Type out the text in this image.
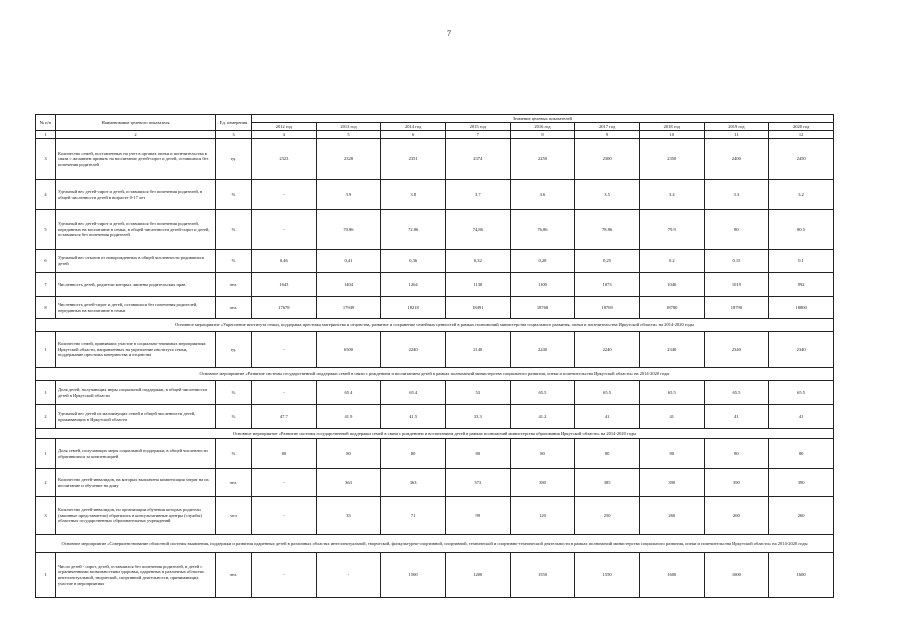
7
№ п/п	Наименование целевого показателя	Ед. измерения	Значение целевых показателей								
			2012 год	2013 год	2014 год	2015 год	2016 год	2017 год	2018 год	2019 год	2020 год
1	2	3	4	5	6	7	8	9	10	11	12
3	Количество семей, поставленных на учет в органах опеки и попечительства в связи с желанием принять на воспитание детей-сирот и детей, оставшихся без попечения родителей	ед.	2323	2328	2351	2374	2250	2300	2350	2400	2450
4	Удельный вес детей-сирот и детей, оставшихся без попечения родителей, в общей численности детей в возрасте 0-17 лет	%	-	3.9	3.8	3.7	3.6	3.5	3.4	3.3	3.2
5	Удельный вес детей-сирот и детей, оставшихся без попечения родителей, переданных на воспитание в семьи, в общей численности детей-сирот и детей, оставшихся без попечения родителей	%	-	70.86	72.86	74,86	76,86	78.86	79.9	80	80.5
6	Удельный вес отказов от новорожденных в общей численности родившихся детей	%	0,46	0,41	0,36	0,32	0,28	0,25	0.2	0.15	0.1
7	Численность детей, родители которых лишены родительских прав	чел.	1643	1404	1264	1138	1100	1073	1046	1019	992
8	Численность детей-сирот и детей, оставшихся без попечения родителей, переданных на воспитание в семьи	чел.	17678	17949	18218	18491	18768	18769	18780	18790	18800
Основное мероприятие «Укрепление института семьи, поддержка престижа материнства и отцовства, развитие и сохранение семейных ценностей в рамках полномочий министерства социального развития, опеки и попечительства Иркутской области» на 2014-2020 годы											
1	Количество семей, принявших участие в социально-значимых мероприятиях Иркутской области, направленных на укрепление института семьи, поддержание престижа материнства и отцовства	ед.	-	6500	2240	2140	2240	2240	2340	2340	2340
Основное мероприятие «Развитие системы государственной поддержки семей в связи с рождением и воспитанием детей в рамках полномочий министерства социального развития, опеки и попечительства Иркутской области» на 2014-2020 годы											
1	Доля детей, получающих меры социальной поддержки, в общей численности детей в Иркутской области	%	-	65.4	65.4	53	65.5	65.5	65.5	65.5	65.5
2	Удельный вес детей из малоимущих семей в общей численности детей, проживающих в Иркутской области	%	47.7	41.9	41.5	33.3	41.2	41	41	41	41
Основное мероприятие «Развитие системы государственной поддержки семей в связи с рождением и воспитанием детей в рамках полномочий министерства образования Иркутской области» на 2014-2020 годы											
1	Доля семей, получающих меры социальной поддержки, в общей численности обратившихся за компенсацией	%	80	80	80	80	80	80	80	80	80
2	Количество детей-инвалидов, на которых выплачена компенсация затрат на их воспитание и обучение на дому	чел.	-	363	363	373	380	385	390	390	390
3	Количество детей-инвалидов, по организации обучения которых родители (законные представители) обратились в консультативные центры (службы) областных государственных образовательных учреждений	чел	-	35	71	99	120	250	260	260	260
Основное мероприятие «Совершенствование областной системы выявления, поддержки и развития одаренных детей в различных областях интеллектуальной, творческой, физкультурно-спортивной, спортивной, технической и спортивно-технической деятельности в рамках полномочий министерства социального развития, опеки и попечительства Иркутской области» на 2014-2020 годы											
1	Число детей - сирот, детей, оставшихся без попечения родителей, и детей с ограниченными возможностями здоровья, одаренных в различных областях интеллектуальной, творческой, спортивной деятельности, принимающих участие в мероприятиях	чел.	-	-	1500	1200	1550	1550	1600	1600	1600
